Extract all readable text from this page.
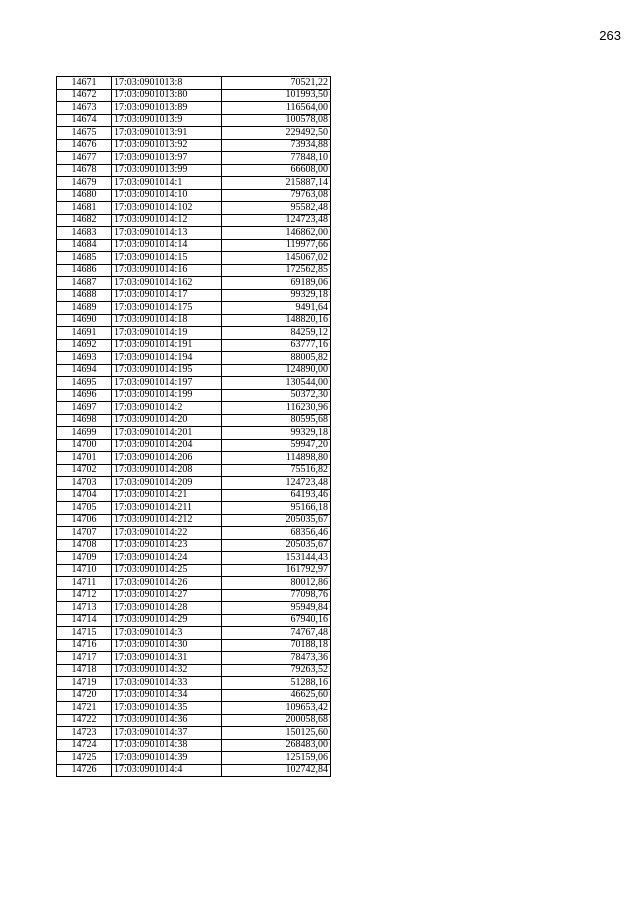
263
14671	17:03:0901013:8	70521,22
14672	17:03:0901013:80	101993,50
14673	17:03:0901013:89	116564,00
14674	17:03:0901013:9	100578,08
14675	17:03:0901013:91	229492,50
14676	17:03:0901013:92	73934,88
14677	17:03:0901013:97	77848,10
14678	17:03:0901013:99	66608,00
14679	17:03:0901014:1	215887,14
14680	17:03:0901014:10	79763,08
14681	17:03:0901014:102	95582,48
14682	17:03:0901014:12	124723,48
14683	17:03:0901014:13	146862,00
14684	17:03:0901014:14	119977,66
14685	17:03:0901014:15	145067,02
14686	17:03:0901014:16	172562,85
14687	17:03:0901014:162	69189,06
14688	17:03:0901014:17	99329,18
14689	17:03:0901014:175	9491,64
14690	17:03:0901014:18	148820,16
14691	17:03:0901014:19	84259,12
14692	17:03:0901014:191	63777,16
14693	17:03:0901014:194	88005,82
14694	17:03:0901014:195	124890,00
14695	17:03:0901014:197	130544,00
14696	17:03:0901014:199	50372,30
14697	17:03:0901014:2	116230,96
14698	17:03:0901014:20	80595,68
14699	17:03:0901014:201	99329,18
14700	17:03:0901014:204	59947,20
14701	17:03:0901014:206	114898,80
14702	17:03:0901014:208	75516,82
14703	17:03:0901014:209	124723,48
14704	17:03:0901014:21	64193,46
14705	17:03:0901014:211	95166,18
14706	17:03:0901014:212	205035,67
14707	17:03:0901014:22	68356,46
14708	17:03:0901014:23	205035,67
14709	17:03:0901014:24	153144,43
14710	17:03:0901014:25	161792,97
14711	17:03:0901014:26	80012,86
14712	17:03:0901014:27	77098,76
14713	17:03:0901014:28	95949,84
14714	17:03:0901014:29	67940,16
14715	17:03:0901014:3	74767,48
14716	17:03:0901014:30	70188,18
14717	17:03:0901014:31	78473,36
14718	17:03:0901014:32	79263,52
14719	17:03:0901014:33	51288,16
14720	17:03:0901014:34	46625,60
14721	17:03:0901014:35	109653,42
14722	17:03:0901014:36	200058,68
14723	17:03:0901014:37	150125,60
14724	17:03:0901014:38	268483,00
14725	17:03:0901014:39	125159,06
14726	17:03:0901014:4	102742,84
